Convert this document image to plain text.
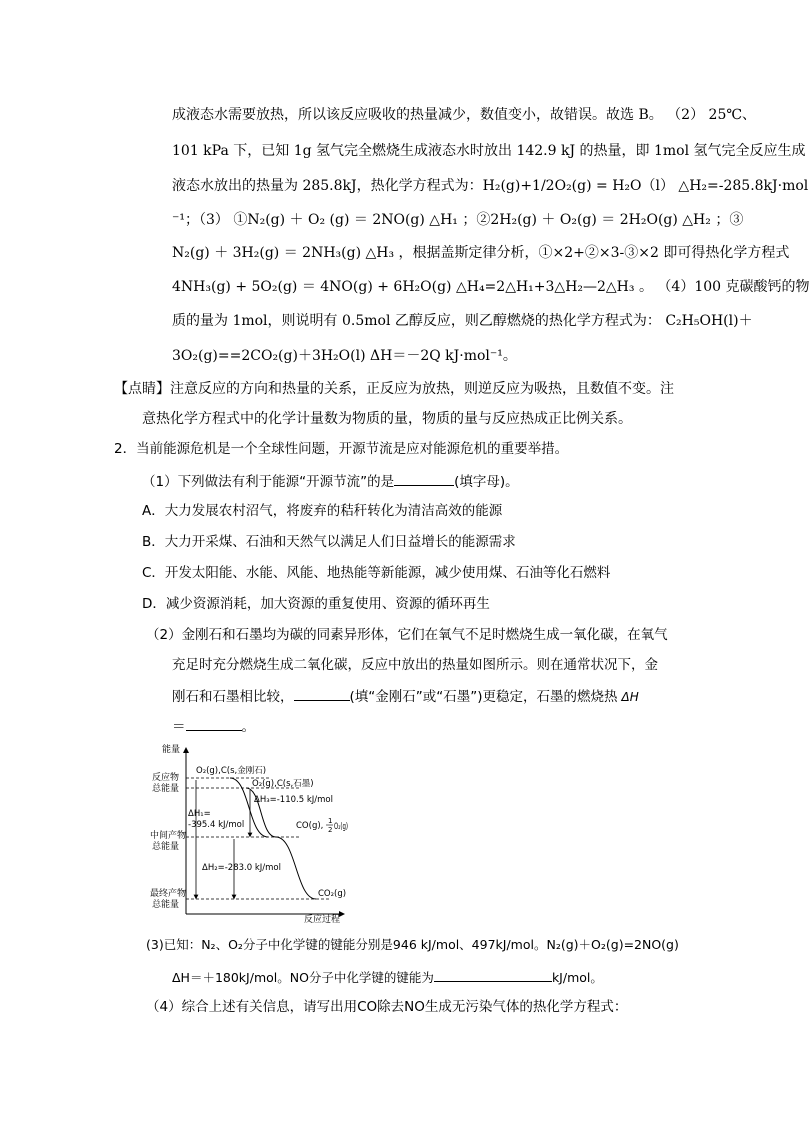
成液态水需要放热，所以该反应吸收的热量减少，数值变小，故错误。故选 B。 （2） 25℃、
101 kPa 下，已知 1g 氢气完全燃烧生成液态水时放出 142.9 kJ 的热量，即 1mol 氢气完全反应生成
液态水放出的热量为 285.8kJ，热化学方程式为：H₂(g)+1/2O₂(g) = H₂O（l） △H₂=-285.8kJ·mol
⁻¹；（3） ①N₂(g) ＋ O₂ (g) ＝ 2NO(g) △H₁ ；②2H₂(g) ＋ O₂(g) ＝ 2H₂O(g) △H₂ ；③
N₂(g) ＋ 3H₂(g) ＝ 2NH₃(g) △H₃ ，根据盖斯定律分析，①×2+②×3-③×2 即可得热化学方程式
4NH₃(g) + 5O₂(g) ＝ 4NO(g) + 6H₂O(g) △H₄=2△H₁+3△H₂—2△H₃ 。 （4）100 克碳酸钙的物
质的量为 1mol，则说明有 0.5mol 乙醇反应，则乙醇燃烧的热化学方程式为： C₂H₅OH(l)＋
3O₂(g)==2CO₂(g)＋3H₂O(l) ΔH＝－2Q kJ·mol⁻¹。
【点睛】注意反应的方向和热量的关系，正反应为放热，则逆反应为吸热，且数值不变。注
意热化学方程式中的化学计量数为物质的量，物质的量与反应热成正比例关系。
2．当前能源危机是一个全球性问题，开源节流是应对能源危机的重要举措。
（1）下列做法有利于能源“开源节流”的是	(填字母)。
A．大力发展农村沼气，将废弃的秸秆转化为清洁高效的能源
B．大力开采煤、石油和天然气以满足人们日益增长的能源需求
C．开发太阳能、水能、风能、地热能等新能源，减少使用煤、石油等化石燃料
D．减少资源消耗，加大资源的重复使用、资源的循环再生
（2）金刚石和石墨均为碳的同素异形体，它们在氧气不足时燃烧生成一氧化碳，在氧气
充足时充分燃烧生成二氧化碳，反应中放出的热量如图所示。则在通常状况下，金
刚石和石墨相比较，	(填“金刚石”或“石墨”)更稳定，石墨的燃烧热 ΔH
＝	。
能量
反应过程
反应物
总能量
中间产物
总能量
最终产物
总能量
O₂(g),C(s,金刚石)
O₂(g),C(s,石墨)
CO(g), 1
2 O₂(g)
CO₂(g)
ΔH₁=
-395.4 kJ/mol
ΔH₃=-110.5 kJ/mol
ΔH₂=-283.0 kJ/mol
(3)已知：N₂、O₂分子中化学键的键能分别是946 kJ/mol、497kJ/mol。N₂(g)＋O₂(g)=2NO(g)
ΔH＝＋180kJ/mol。NO分子中化学键的键能为	kJ/mol。
（4）综合上述有关信息，请写出用CO除去NO生成无污染气体的热化学方程式：
